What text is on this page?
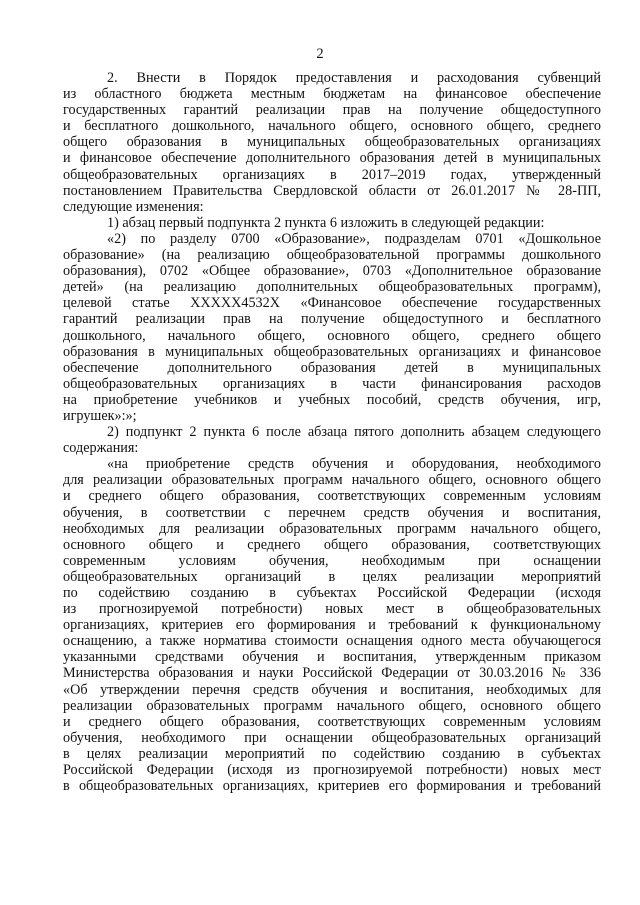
2
2. Внести в Порядок предоставления и расходования субвенций
из областного бюджета местным бюджетам на финансовое обеспечение
государственных гарантий реализации прав на получение общедоступного
и бесплатного дошкольного, начального общего, основного общего, среднего
общего образования в муниципальных общеобразовательных организациях
и финансовое обеспечение дополнительного образования детей в муниципальных
общеобразовательных организациях в 2017–2019 годах, утвержденный
постановлением Правительства Свердловской области от 26.01.2017 № 28-ПП,
следующие изменения:
1) абзац первый подпункта 2 пункта 6 изложить в следующей редакции:
«2) по разделу 0700 «Образование», подразделам 0701 «Дошкольное
образование» (на реализацию общеобразовательной программы дошкольного
образования), 0702 «Общее образование», 0703 «Дополнительное образование
детей» (на реализацию дополнительных общеобразовательных программ),
целевой статье XXXXX4532X «Финансовое обеспечение государственных
гарантий реализации прав на получение общедоступного и бесплатного
дошкольного, начального общего, основного общего, среднего общего
образования в муниципальных общеобразовательных организациях и финансовое
обеспечение дополнительного образования детей в муниципальных
общеобразовательных организациях в части финансирования расходов
на приобретение учебников и учебных пособий, средств обучения, игр,
игрушек»:»;
2) подпункт 2 пункта 6 после абзаца пятого дополнить абзацем следующего
содержания:
«на приобретение средств обучения и оборудования, необходимого
для реализации образовательных программ начального общего, основного общего
и среднего общего образования, соответствующих современным условиям
обучения, в соответствии с перечнем средств обучения и воспитания,
необходимых для реализации образовательных программ начального общего,
основного общего и среднего общего образования, соответствующих
современным условиям обучения, необходимым при оснащении
общеобразовательных организаций в целях реализации мероприятий
по содействию созданию в субъектах Российской Федерации (исходя
из прогнозируемой потребности) новых мест в общеобразовательных
организациях, критериев его формирования и требований к функциональному
оснащению, а также норматива стоимости оснащения одного места обучающегося
указанными средствами обучения и воспитания, утвержденным приказом
Министерства образования и науки Российской Федерации от 30.03.2016 № 336
«Об утверждении перечня средств обучения и воспитания, необходимых для
реализации образовательных программ начального общего, основного общего
и среднего общего образования, соответствующих современным условиям
обучения, необходимого при оснащении общеобразовательных организаций
в целях реализации мероприятий по содействию созданию в субъектах
Российской Федерации (исходя из прогнозируемой потребности) новых мест
в общеобразовательных организациях, критериев его формирования и требований
